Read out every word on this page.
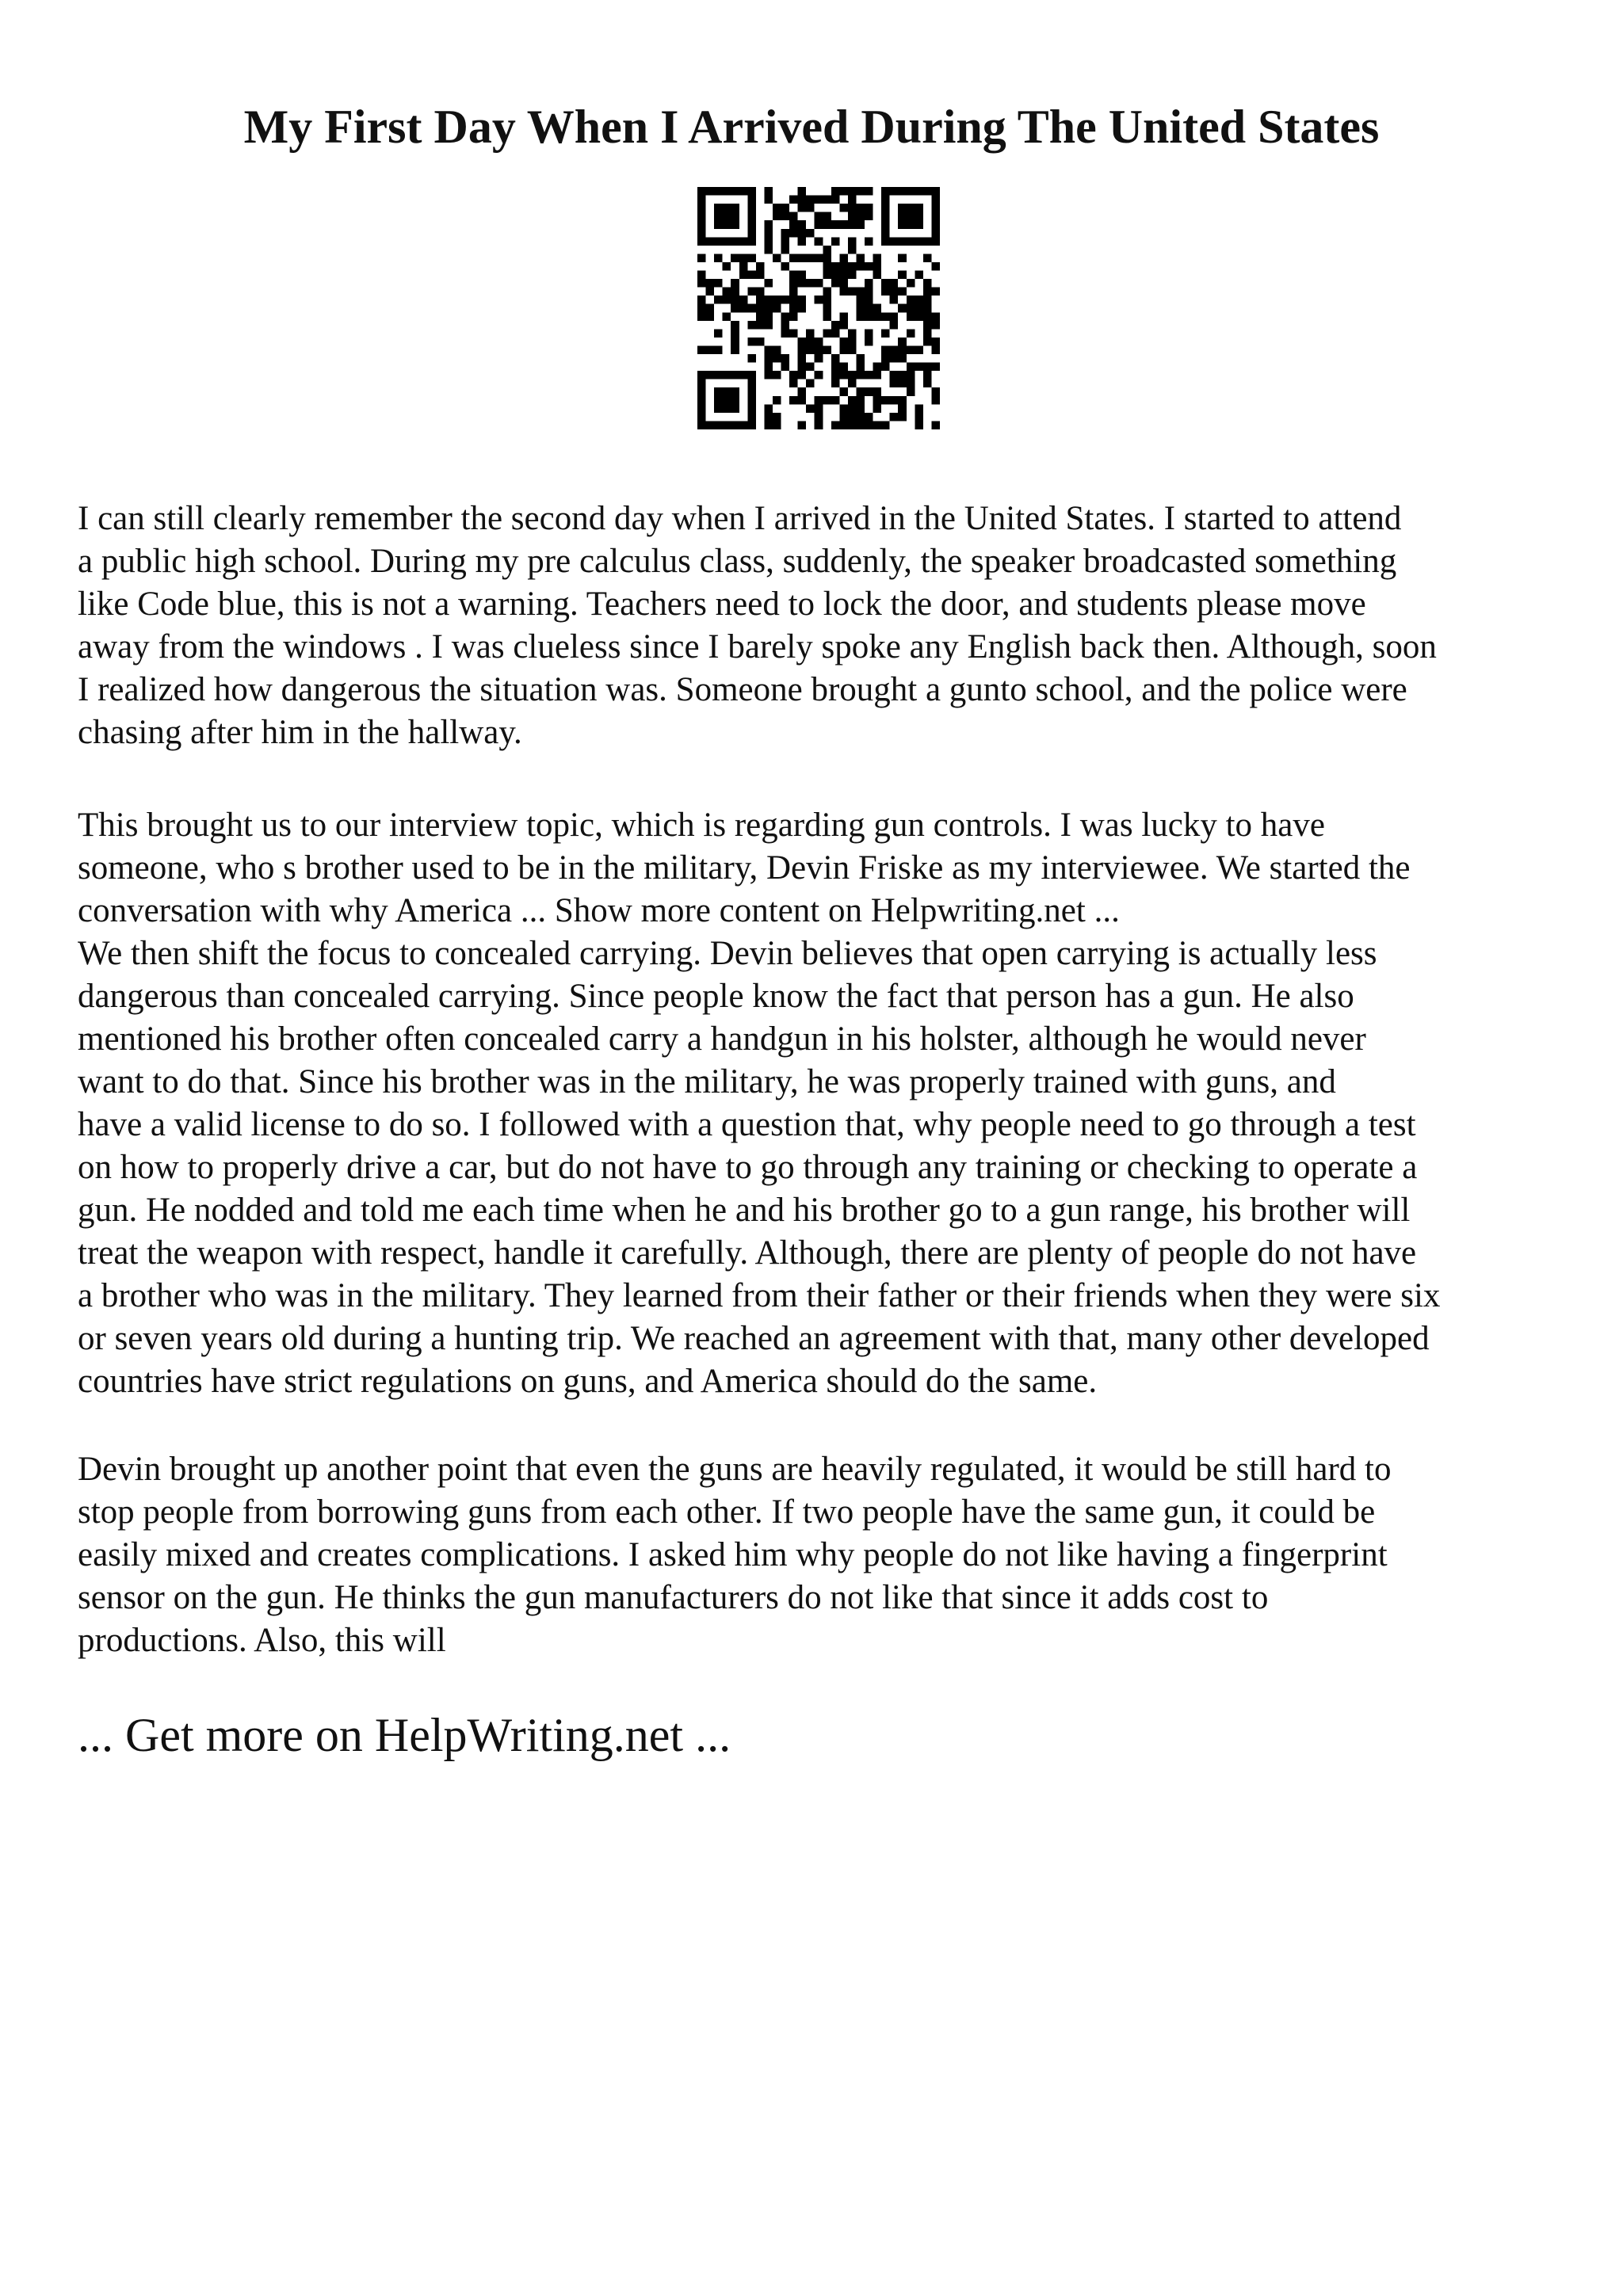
My First Day When I Arrived During The United States
I can still clearly remember the second day when I arrived in the United States. I started to attend
a public high school. During my pre calculus class, suddenly, the speaker broadcasted something
like Code blue, this is not a warning. Teachers need to lock the door, and students please move
away from the windows . I was clueless since I barely spoke any English back then. Although, soon
I realized how dangerous the situation was. Someone brought a gunto school, and the police were
chasing after him in the hallway.
This brought us to our interview topic, which is regarding gun controls. I was lucky to have
someone, who s brother used to be in the military, Devin Friske as my interviewee. We started the
conversation with why America ... Show more content on Helpwriting.net ...
We then shift the focus to concealed carrying. Devin believes that open carrying is actually less
dangerous than concealed carrying. Since people know the fact that person has a gun. He also
mentioned his brother often concealed carry a handgun in his holster, although he would never
want to do that. Since his brother was in the military, he was properly trained with guns, and
have a valid license to do so. I followed with a question that, why people need to go through a test
on how to properly drive a car, but do not have to go through any training or checking to operate a
gun. He nodded and told me each time when he and his brother go to a gun range, his brother will
treat the weapon with respect, handle it carefully. Although, there are plenty of people do not have
a brother who was in the military. They learned from their father or their friends when they were six
or seven years old during a hunting trip. We reached an agreement with that, many other developed
countries have strict regulations on guns, and America should do the same.
Devin brought up another point that even the guns are heavily regulated, it would be still hard to
stop people from borrowing guns from each other. If two people have the same gun, it could be
easily mixed and creates complications. I asked him why people do not like having a fingerprint
sensor on the gun. He thinks the gun manufacturers do not like that since it adds cost to
productions. Also, this will
... Get more on HelpWriting.net ...
